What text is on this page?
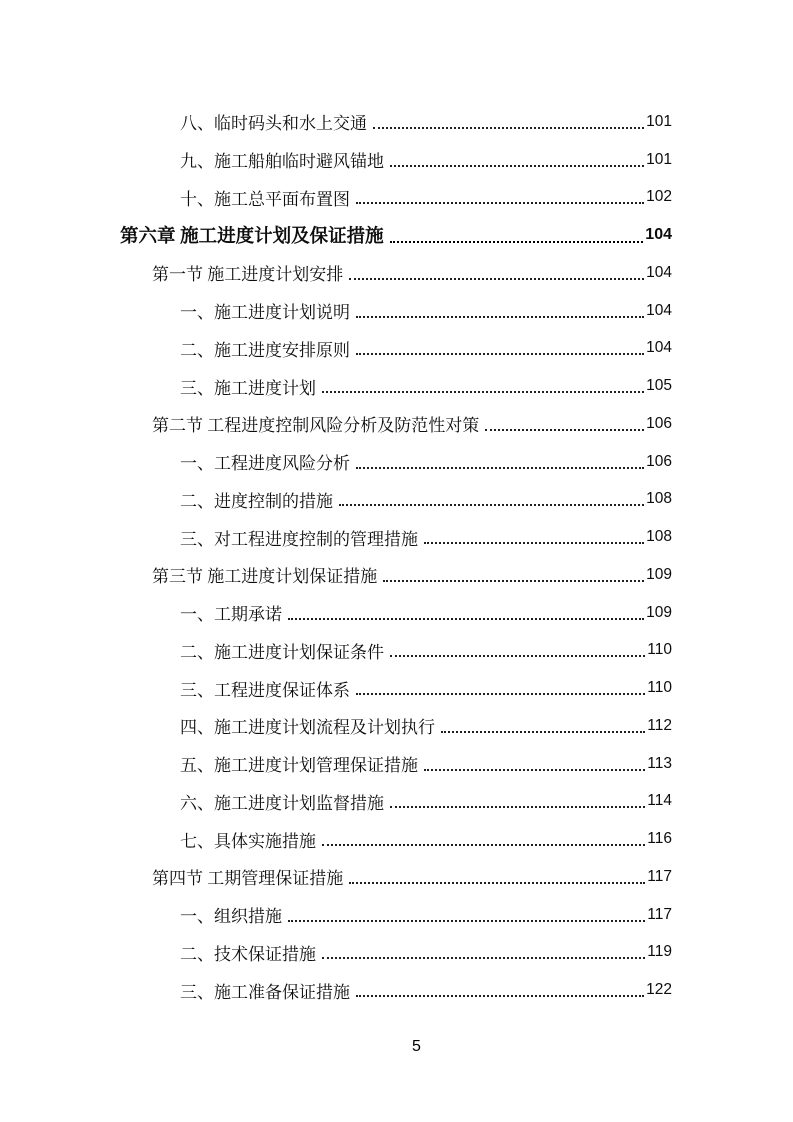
八、临时码头和水上交通	101
九、施工船舶临时避风锚地	101
十、施工总平面布置图	102
第六章 施工进度计划及保证措施	104
第一节 施工进度计划安排	104
一、施工进度计划说明	104
二、施工进度安排原则	104
三、施工进度计划	105
第二节 工程进度控制风险分析及防范性对策	106
一、工程进度风险分析	106
二、进度控制的措施	108
三、对工程进度控制的管理措施	108
第三节 施工进度计划保证措施	109
一、工期承诺	109
二、施工进度计划保证条件	110
三、工程进度保证体系	110
四、施工进度计划流程及计划执行	112
五、施工进度计划管理保证措施	113
六、施工进度计划监督措施	114
七、具体实施措施	116
第四节 工期管理保证措施	117
一、组织措施	117
二、技术保证措施	119
三、施工准备保证措施	122
5
